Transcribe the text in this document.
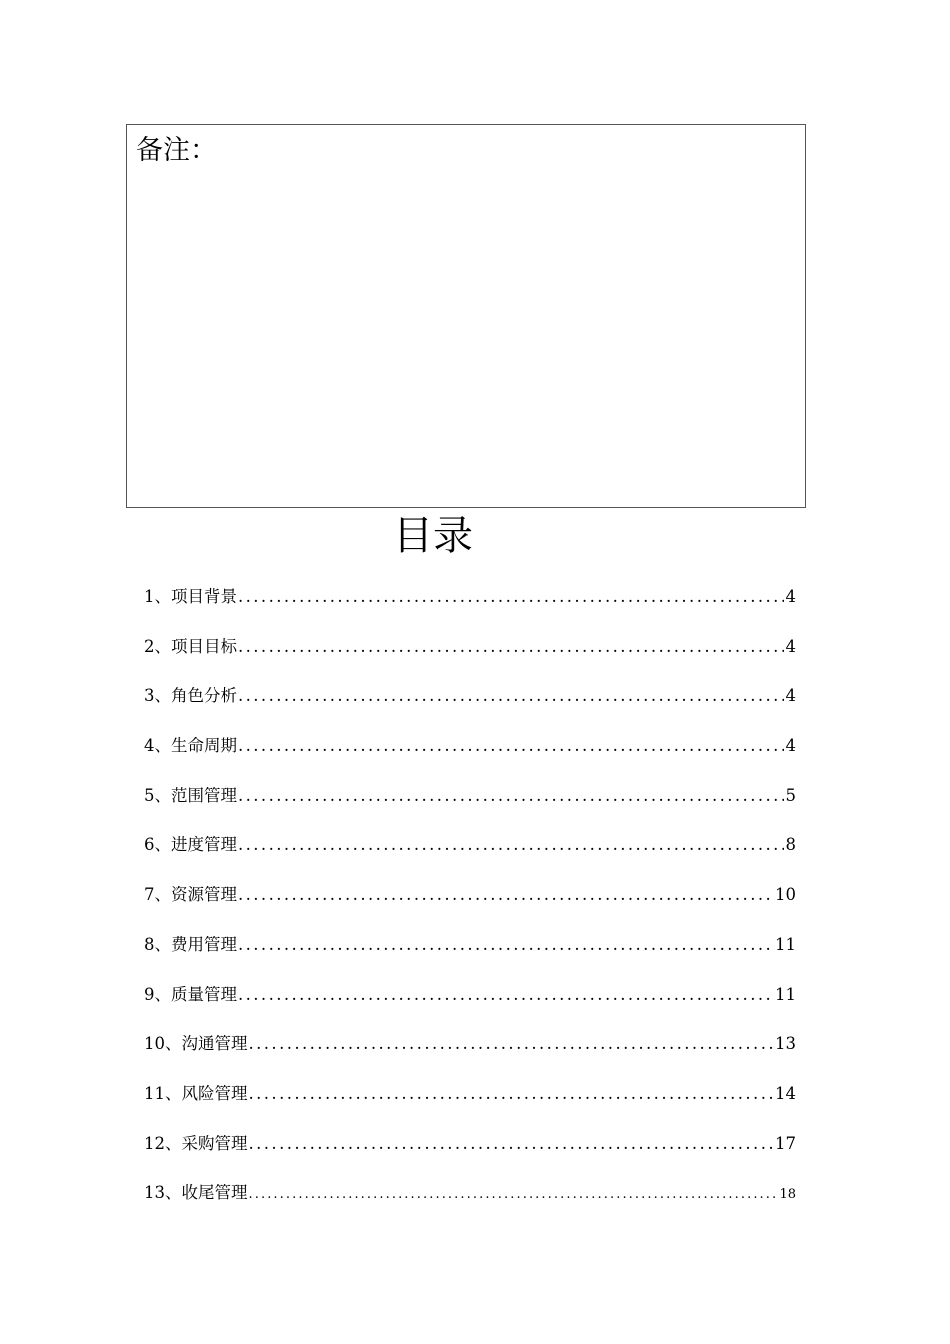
备注：
目录
1、项目背景 .....	4
2、项目目标 .....	4
3、角色分析 .....	4
4、生命周期 .....	4
5、范围管理 .....	5
6、进度管理 .....	8
7、资源管理 .....	10
8、费用管理 .....	11
9、质量管理 .....	11
10、沟通管理 .....	13
11、风险管理 .....	14
12、采购管理 .....	17
13、收尾管理 .....	18
